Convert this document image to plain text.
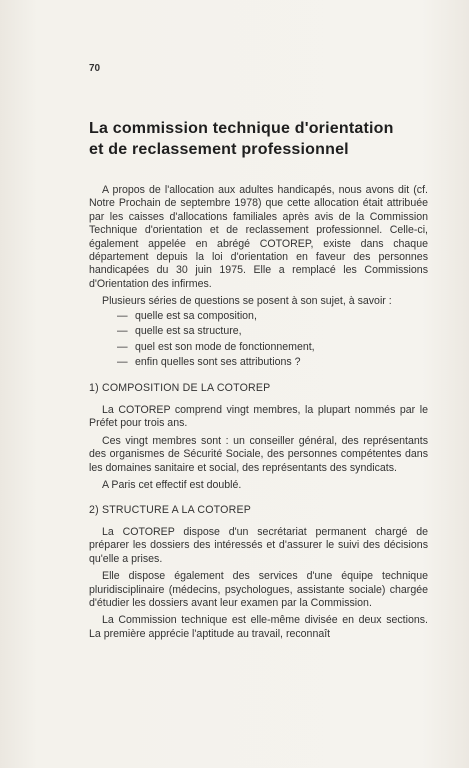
70
La commission technique d'orientation
et de reclassement professionnel

A propos de l'allocation aux adultes handicapés, nous avons dit (cf. Notre Prochain de septembre 1978) que cette allocation était attribuée par les caisses d'allocations familiales après avis de la Commission Technique d'orientation et de reclassement professionnel. Celle-ci, également appelée en abrégé COTOREP, existe dans chaque département depuis la loi d'orientation en faveur des personnes handicapées du 30 juin 1975. Elle a remplacé les Commissions d'Orientation des infirmes.

Plusieurs séries de questions se posent à son sujet, à savoir :

— quelle est sa composition,
— quelle est sa structure,
— quel est son mode de fonctionnement,
— enfin quelles sont ses attributions ?

1) COMPOSITION DE LA COTOREP

La COTOREP comprend vingt membres, la plupart nommés par le Préfet pour trois ans.

Ces vingt membres sont : un conseiller général, des représentants des organismes de Sécurité Sociale, des personnes compétentes dans les domaines sanitaire et social, des représentants des syndicats.

A Paris cet effectif est doublé.

2) STRUCTURE A LA COTOREP

La COTOREP dispose d'un secrétariat permanent chargé de préparer les dossiers des intéressés et d'assurer le suivi des décisions qu'elle a prises.

Elle dispose également des services d'une équipe technique pluridisciplinaire (médecins, psychologues, assistante sociale) chargée d'étudier les dossiers avant leur examen par la Commission.

La Commission technique est elle-même divisée en deux sections. La première apprécie l'aptitude au travail, reconnaît
